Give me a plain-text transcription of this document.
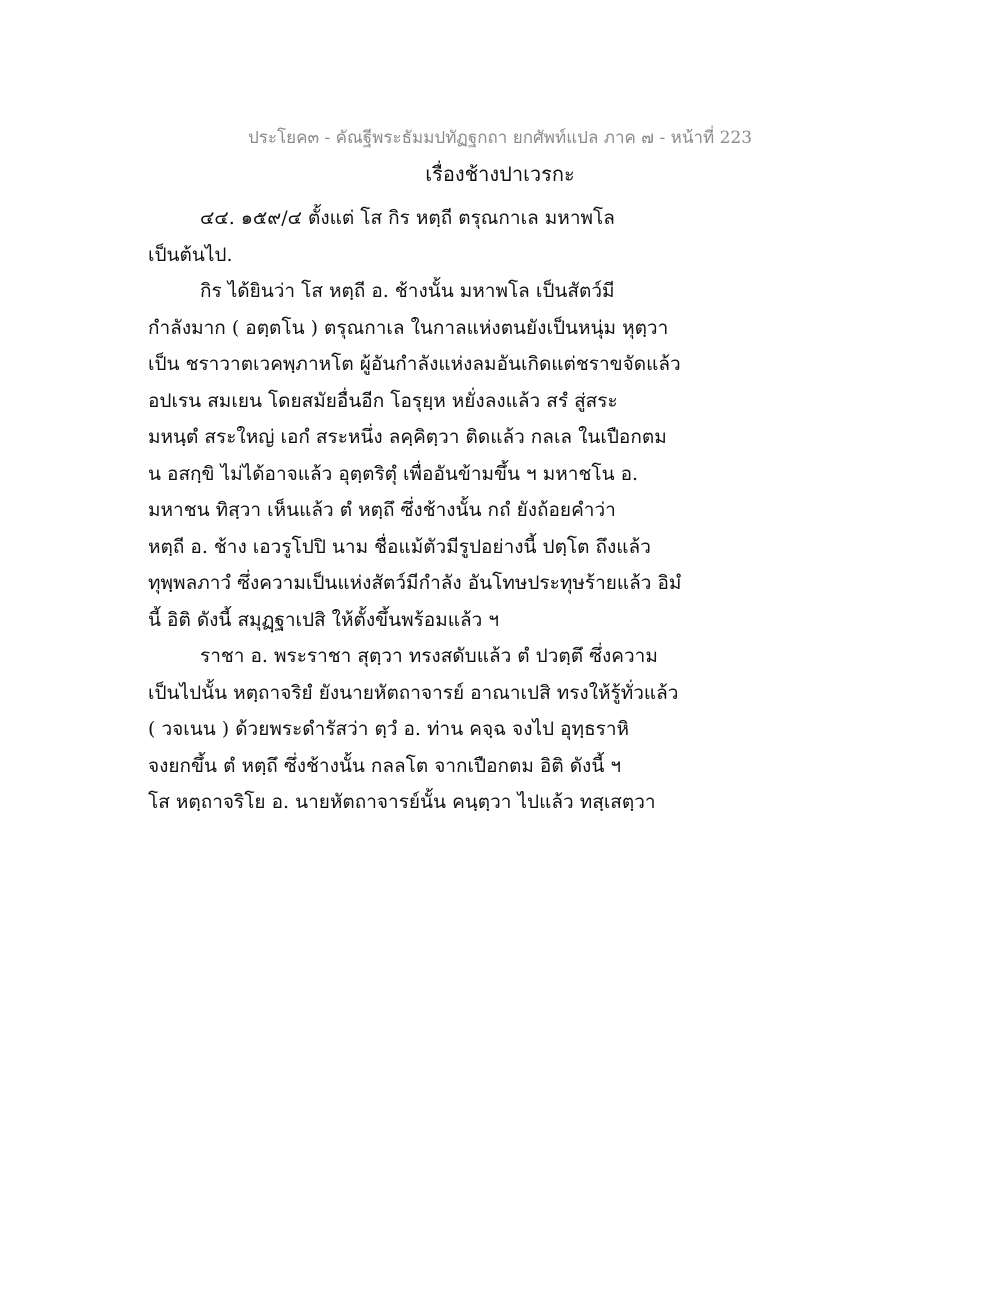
ประโยค๓ - คัณฐีพระธัมมปทัฏฐกถา ยกศัพท์แปล ภาค ๗ - หน้าที่ 223
เรื่องช้างปาเวรกะ
๔๔. ๑๕๙/๔ ตั้งแต่ โส กิร หตฺถี ตรุณกาเล มหาพโล
เป็นต้นไป.
กิร ได้ยินว่า โส หตฺถี อ. ช้างนั้น มหาพโล เป็นสัตว์มี
กำลังมาก ( อตฺตโน ) ตรุณกาเล ในกาลแห่งตนยังเป็นหนุ่ม หุตฺวา
เป็น ชราวาตเวคพฺภาหโต ผู้อันกำลังแห่งลมอันเกิดแต่ชราขจัดแล้ว
อปเรน สมเยน โดยสมัยอื่นอีก โอรุยฺห หยั่งลงแล้ว สรํ สู่สระ
มหนฺตํ สระใหญ่ เอกํ สระหนึ่ง ลคฺคิตฺวา ติดแล้ว กลเล ในเปือกตม
น อสกฺขิ ไม่ได้อาจแล้ว อุตฺตริตุํ เพื่ออันข้ามขึ้น ฯ มหาชโน อ.
มหาชน ทิสฺวา เห็นแล้ว ตํ หตฺถึ ซึ่งช้างนั้น กถํ ยังถ้อยคำว่า
หตฺถี อ. ช้าง เอวรูโปปิ นาม ชื่อแม้ตัวมีรูปอย่างนี้ ปตฺโต ถึงแล้ว
ทุพฺพลภาวํ ซึ่งความเป็นแห่งสัตว์มีกำลัง อันโทษประทุษร้ายแล้ว อิมํ
นี้ อิติ ดังนี้ สมุฏฺฐาเปสิ ให้ตั้งขึ้นพร้อมแล้ว ฯ
ราชา อ. พระราชา สุตฺวา ทรงสดับแล้ว ตํ ปวตฺตึ ซึ่งความ
เป็นไปนั้น หตฺถาจริยํ ยังนายหัตถาจารย์ อาณาเปสิ ทรงให้รู้ทั่วแล้ว
( วจเนน ) ด้วยพระดำรัสว่า ตฺวํ อ. ท่าน คจฺฉ จงไป อุทฺธราหิ
จงยกขึ้น ตํ หตฺถึ ซึ่งช้างนั้น กลลโต จากเปือกตม อิติ ดังนี้ ฯ
โส หตฺถาจริโย อ. นายหัตถาจารย์นั้น คนฺตฺวา ไปแล้ว ทสฺเสตฺวา
